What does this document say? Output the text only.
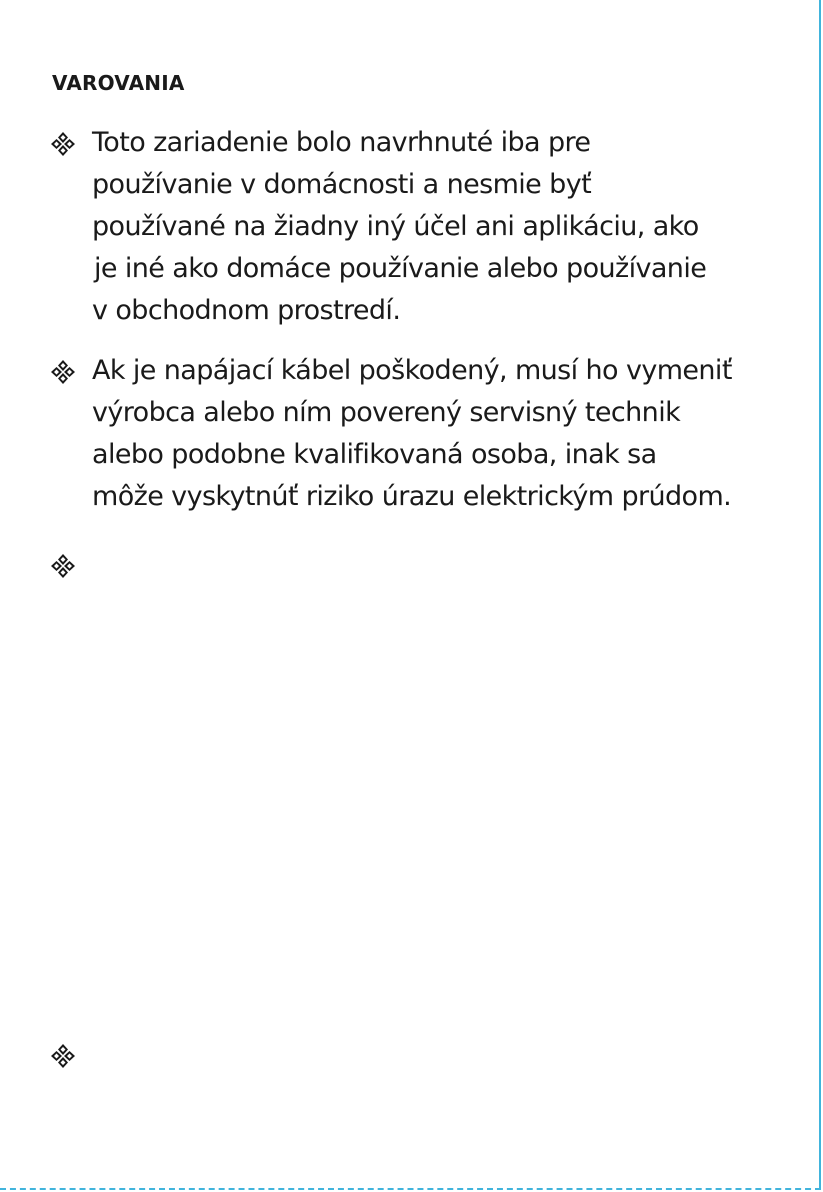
VAROVANIA

Toto zariadenie bolo navrhnuté iba pre
používanie v domácnosti a nesmie byť
používané na žiadny iný účel ani aplikáciu, ako
je iné ako domáce používanie alebo používanie
v obchodnom prostredí.

Ak je napájací kábel poškodený, musí ho vymeniť
výrobca alebo ním poverený servisný technik
alebo podobne kvalifikovaná osoba, inak sa
môže vyskytnúť riziko úrazu elektrickým prúdom.
